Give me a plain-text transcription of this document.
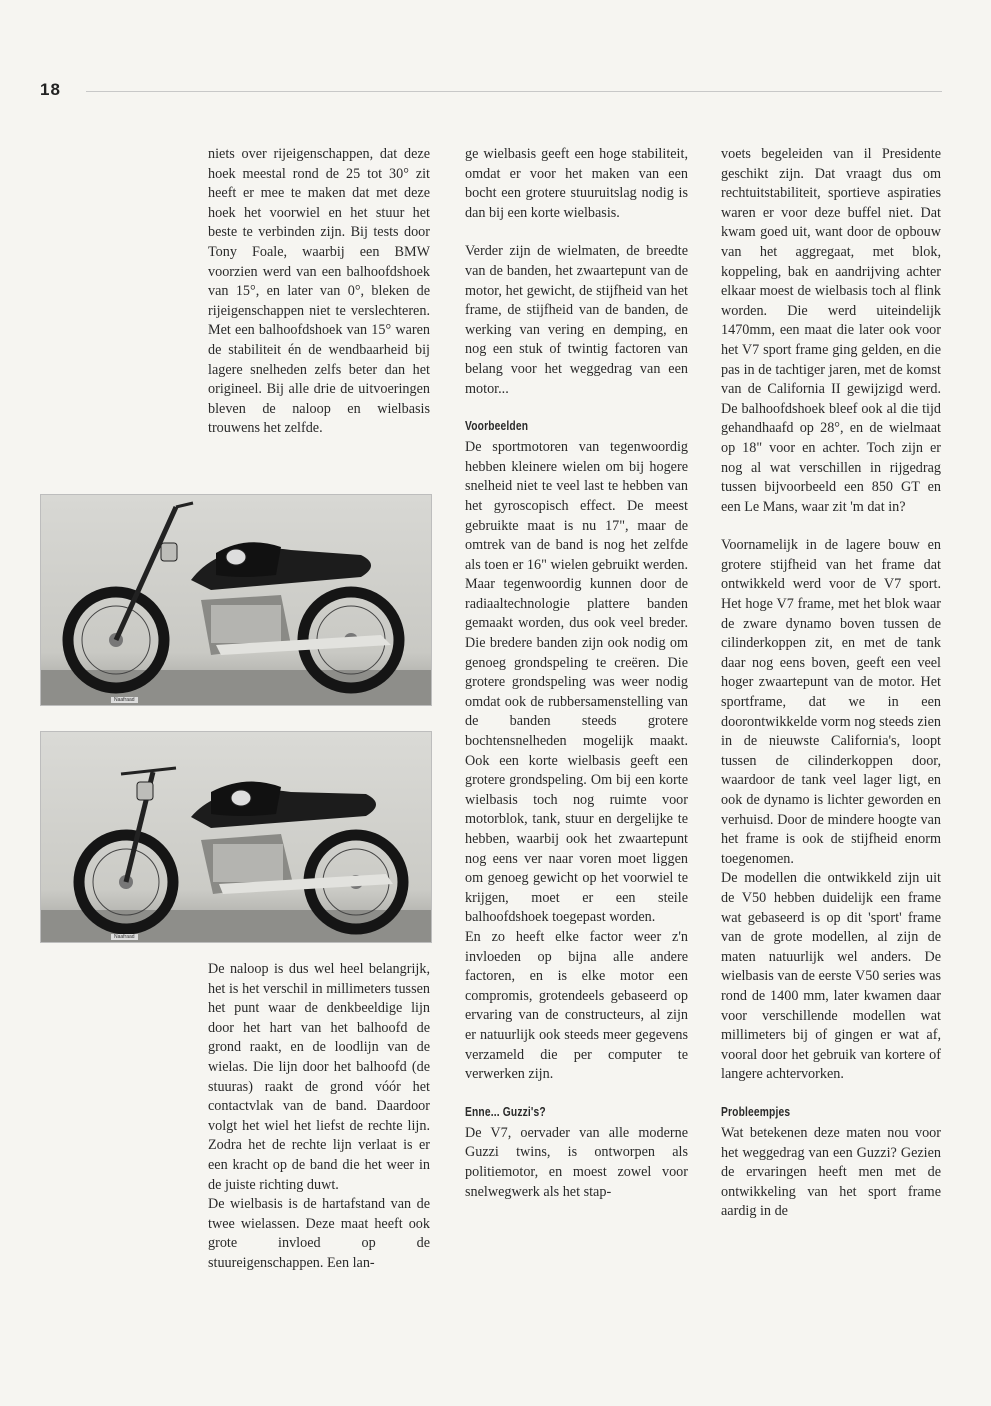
18

niets over rijeigenschappen, dat deze hoek meestal rond de 25 tot 30° zit heeft er mee te maken dat met deze hoek het voorwiel en het stuur het beste te verbinden zijn. Bij tests door Tony Foale, waarbij een BMW voorzien werd van een balhoofdshoek van 15°, en later van 0°, bleken de rijeigenschappen niet te verslechteren. Met een balhoofdshoek van 15° waren de stabiliteit én de wendbaarheid bij lagere snelheden zelfs beter dan het origineel. Bij alle drie de uitvoeringen bleven de naloop en wielbasis trouwens het zelfde.

Naafraad
Naafraad

De naloop is dus wel heel belangrijk, het is het verschil in millimeters tussen het punt waar de denkbeeldige lijn door het hart van het balhoofd de grond raakt, en de loodlijn van de wielas. Die lijn door het balhoofd (de stuuras) raakt de grond vóór het contactvlak van de band. Daardoor volgt het wiel het liefst de rechte lijn. Zodra het de rechte lijn verlaat is er een kracht op de band die het weer in de juiste richting duwt.

De wielbasis is de hartafstand van de twee wielassen. Deze maat heeft ook grote invloed op de stuureigenschappen. Een lan-

ge wielbasis geeft een hoge stabiliteit, omdat er voor het maken van een bocht een grotere stuuruitslag nodig is dan bij een korte wielbasis.

Verder zijn de wielmaten, de breedte van de banden, het zwaartepunt van de motor, het gewicht, de stijfheid van het frame, de stijfheid van de banden, de werking van vering en demping, en nog een stuk of twintig factoren van belang voor het weggedrag van een motor...

Voorbeelden

De sportmotoren van tegenwoordig hebben kleinere wielen om bij hogere snelheid niet te veel last te hebben van het gyroscopisch effect. De meest gebruikte maat is nu 17", maar de omtrek van de band is nog het zelfde als toen er 16" wielen gebruikt werden. Maar tegenwoordig kunnen door de radiaaltechnologie plattere banden gemaakt worden, dus ook veel breder. Die bredere banden zijn ook nodig om genoeg grondspeling te creëren. Die grotere grondspeling was weer nodig omdat ook de rubbersamenstelling van de banden steeds grotere bochtensnelheden mogelijk maakt. Ook een korte wielbasis geeft een grotere grondspeling. Om bij een korte wielbasis toch nog ruimte voor motorblok, tank, stuur en dergelijke te hebben, waarbij ook het zwaartepunt nog eens ver naar voren moet liggen om genoeg gewicht op het voorwiel te krijgen, moet er een steile balhoofdshoek toegepast worden.

En zo heeft elke factor weer z'n invloeden op bijna alle andere factoren, en is elke motor een compromis, grotendeels gebaseerd op ervaring van de constructeurs, al zijn er natuurlijk ook steeds meer gegevens verzameld die per computer te verwerken zijn.

Enne... Guzzi's?

De V7, oervader van alle moderne Guzzi twins, is ontworpen als politiemotor, en moest zowel voor snelwegwerk als het stap-

voets begeleiden van il Presidente geschikt zijn. Dat vraagt dus om rechtuitstabiliteit, sportieve aspiraties waren er voor deze buffel niet. Dat kwam goed uit, want door de opbouw van het aggregaat, met blok, koppeling, bak en aandrijving achter elkaar moest de wielbasis toch al flink worden. Die werd uiteindelijk 1470mm, een maat die later ook voor het V7 sport frame ging gelden, en die pas in de tachtiger jaren, met de komst van de California II gewijzigd werd. De balhoofdshoek bleef ook al die tijd gehandhaafd op 28°, en de wielmaat op 18" voor en achter. Toch zijn er nog al wat verschillen in rijgedrag tussen bijvoorbeeld een 850 GT en een Le Mans, waar zit 'm dat in?

Voornamelijk in de lagere bouw en grotere stijfheid van het frame dat ontwikkeld werd voor de V7 sport. Het hoge V7 frame, met het blok waar de zware dynamo boven tussen de cilinderkoppen zit, en met de tank daar nog eens boven, geeft een veel hoger zwaartepunt van de motor. Het sportframe, dat we in een doorontwikkelde vorm nog steeds zien in de nieuwste California's, loopt tussen de cilinderkoppen door, waardoor de tank veel lager ligt, en ook de dynamo is lichter geworden en verhuisd. Door de mindere hoogte van het frame is ook de stijfheid enorm toegenomen.

De modellen die ontwikkeld zijn uit de V50 hebben duidelijk een frame wat gebaseerd is op dit 'sport' frame van de grote modellen, al zijn de maten natuurlijk wel anders. De wielbasis van de eerste V50 series was rond de 1400 mm, later kwamen daar voor verschillende modellen wat millimeters bij of gingen er wat af, vooral door het gebruik van kortere of langere achtervorken.

Probleempjes

Wat betekenen deze maten nou voor het weggedrag van een Guzzi? Gezien de ervaringen heeft men met de ontwikkeling van het sport frame aardig in de
